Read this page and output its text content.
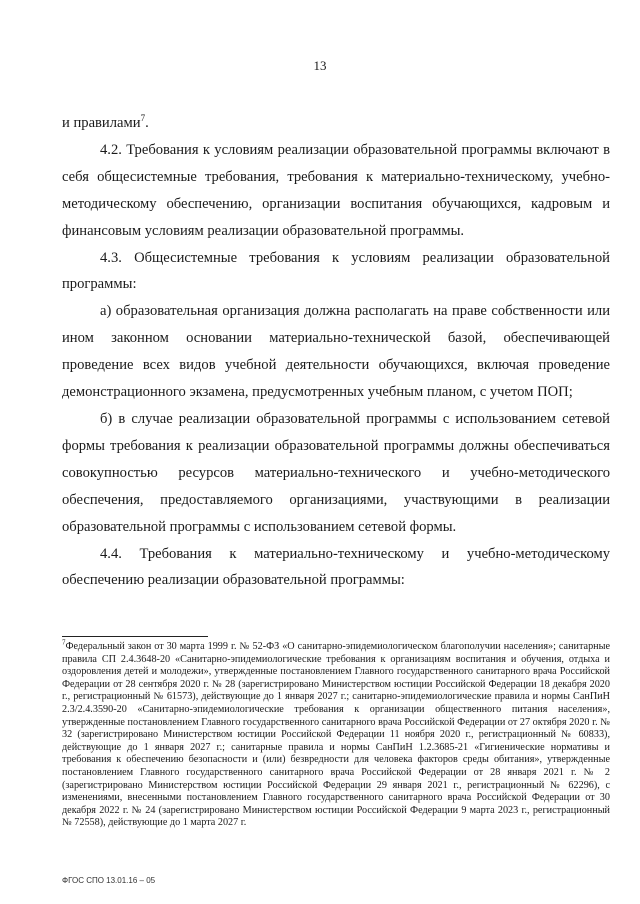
13

и правилами$^7$.

4.2. Требования к условиям реализации образовательной программы включают в себя общесистемные требования, требования к материально-техническому, учебно-методическому обеспечению, организации воспитания обучающихся, кадровым и финансовым условиям реализации образовательной программы.

4.3. Общесистемные требования к условиям реализации образовательной программы:

а) образовательная организация должна располагать на праве собственности или ином законном основании материально-технической базой, обеспечивающей проведение всех видов учебной деятельности обучающихся, включая проведение демонстрационного экзамена, предусмотренных учебным планом, с учетом ПОП;

б) в случае реализации образовательной программы с использованием сетевой формы требования к реализации образовательной программы должны обеспечиваться совокупностью ресурсов материально-технического и учебно-методического обеспечения, предоставляемого организациями, участвующими в реализации образовательной программы с использованием сетевой формы.

4.4. Требования к материально-техническому и учебно-методическому обеспечению реализации образовательной программы:

$^7$Федеральный закон от 30 марта 1999 г. № 52-ФЗ «О санитарно-эпидемиологическом благополучии населения»; санитарные правила СП 2.4.3648-20 «Санитарно-эпидемиологические требования к организациям воспитания и обучения, отдыха и оздоровления детей и молодежи», утвержденные постановлением Главного государственного санитарного врача Российской Федерации от 28 сентября 2020 г. № 28 (зарегистрировано Министерством юстиции Российской Федерации 18 декабря 2020 г., регистрационный № 61573), действующие до 1 января 2027 г.; санитарно-эпидемиологические правила и нормы СанПиН 2.3/2.4.3590-20 «Санитарно-эпидемиологические требования к организации общественного питания населения», утвержденные постановлением Главного государственного санитарного врача Российской Федерации от 27 октября 2020 г. № 32 (зарегистрировано Министерством юстиции Российской Федерации 11 ноября 2020 г., регистрационный № 60833), действующие до 1 января 2027 г.; санитарные правила и нормы СанПиН 1.2.3685-21 «Гигиенические нормативы и требования к обеспечению безопасности и (или) безвредности для человека факторов среды обитания», утвержденные постановлением Главного государственного санитарного врача Российской Федерации от 28 января 2021 г. № 2 (зарегистрировано Министерством юстиции Российской Федерации 29 января 2021 г., регистрационный № 62296), с изменениями, внесенными постановлением Главного государственного санитарного врача Российской Федерации от 30 декабря 2022 г. № 24 (зарегистрировано Министерством юстиции Российской Федерации 9 марта 2023 г., регистрационный № 72558), действующие до 1 марта 2027 г.
ФГОС СПО 13.01.16 – 05
